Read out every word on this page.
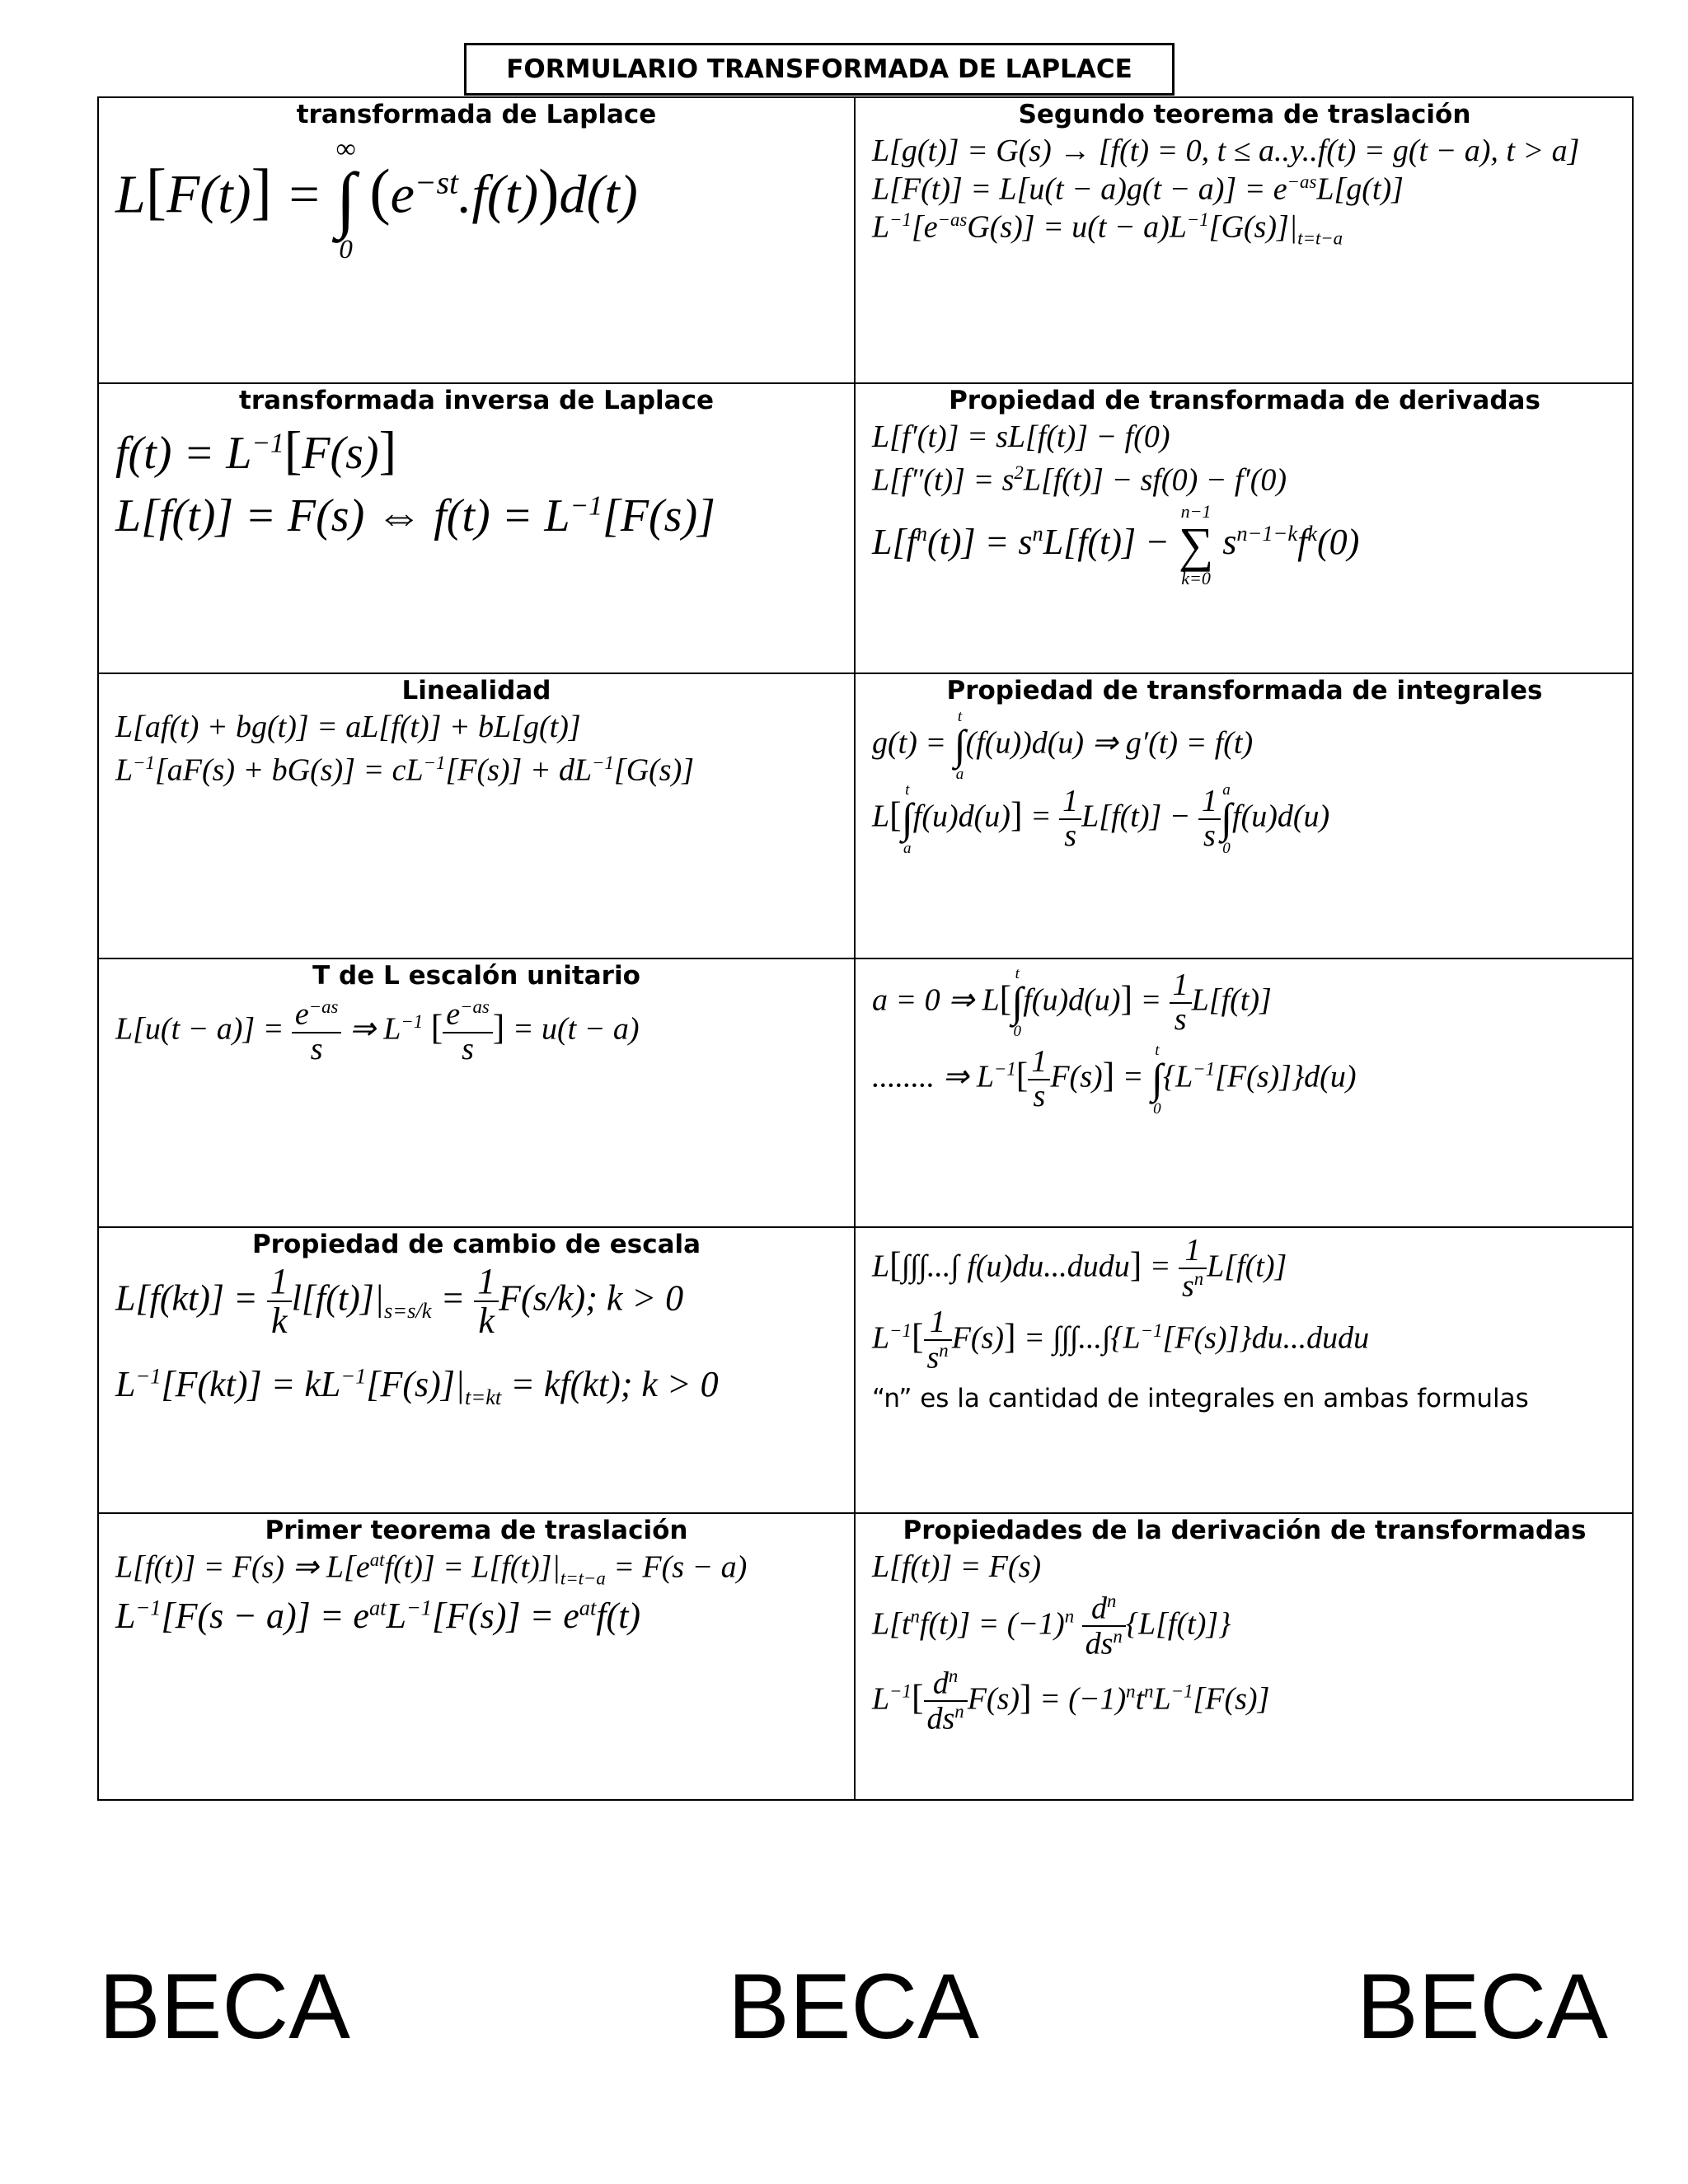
FORMULARIO TRANSFORMADA DE LAPLACE
transformada de Laplace
L[F(t)] =
∞
∫
0
$(e^{-st}.f(t))d(t)$
Segundo teorema de traslación
L[g(t)] = G(s) → [f(t) = 0, t ≤ a..y..f(t) = g(t − a), t > a]
$L[F(t)] = L[u(t - a)g(t - a)] = e^{-as}L[g(t)]$
$L^{-1}[e^{-as}G(s)] = u(t - a)L^{-1}[G(s)]|_{t=t-a}$
transformada inversa de Laplace
$f(t) = L^{-1}[F(s)]$
L[f(t)] = F(s) ⇔ $f(t) = L^{-1}[F(s)]$
Propiedad de transformada de derivadas
L[f′(t)] = sL[f(t)] − f(0)
$L[f''(t)] = s^2L[f(t)] - sf(0) - f'(0)$
$L[f^n(t)] = s^nL[f(t)]$ −
n−1
∑
k=0
$s^{n-1-k}f^k(0)$
Linealidad
L[af(t) + bg(t)] = aL[f(t)] + bL[g(t)]
$L^{-1}[aF(s) + bG(s)] = cL^{-1}[F(s)] + dL^{-1}[G(s)]$
Propiedad de transformada de integrales
g(t) =
t
∫
a
(f(u))d(u) ⇒ g′(t) = f(t)
L[
t
∫
a
$f(u)d(u)] = \frac{1}{s} L[f(t)] - \frac{1}{s}$ a
∫
0
f(u)d(u)
T de L escalón unitario
$L[u(t - a)] = \frac{e^{-as}}{s}$ ⇒ $L^{-1}$ [ $\frac{e^{-as}}{s}$ ] = u(t − a)
a = 0 ⇒ L[
t
∫
0
$f(u)d(u)] = \frac{1}{s} L[f(t)]$
........ ⇒ $L^{-1}[ \frac{1}{s} F(s)]$ =
t
∫
0
$\{L^{-1}[F(s)]\}d(u)$
Propiedad de cambio de escala
$L[f(kt)] = \frac{1}{k} l[f(t)]|_{s=s/k} = \frac{1}{k} F(s/k)$; k > 0
$L^{-1}[F(kt)] = kL^{-1}[F(s)]|_{t=kt} = kf(kt)$; k > 0
L[∫∫∫...∫ f(u)du...dudu] = $\frac{1}{s^n} L[f(t)]$
$L^{-1}[ \frac{1}{s^n} F(s)]$ = $\int\int\int...\int\{L^{-1}[F(s)]\}du...dudu$
“n” es la cantidad de integrales en ambas formulas
Primer teorema de traslación
L[f(t)] = F(s) ⇒ $L[e^{at}f(t)] = L[f(t)]|_{t=t-a} = F(s - a)$
$L^{-1}[F(s - a)] = e^{at}L^{-1}[F(s)] = e^{at}f(t)$
Propiedades de la derivación de transformadas
L[f(t)] = F(s)
$L[t^nf(t)] = (-1)^n \frac{d^n}{ds^n} \{L[f(t)]\}$
$L^{-1}[ \frac{d^n}{ds^n} F(s)] = (-1)^nt^nL^{-1}[F(s)]$
BECA	BECA	BECA
